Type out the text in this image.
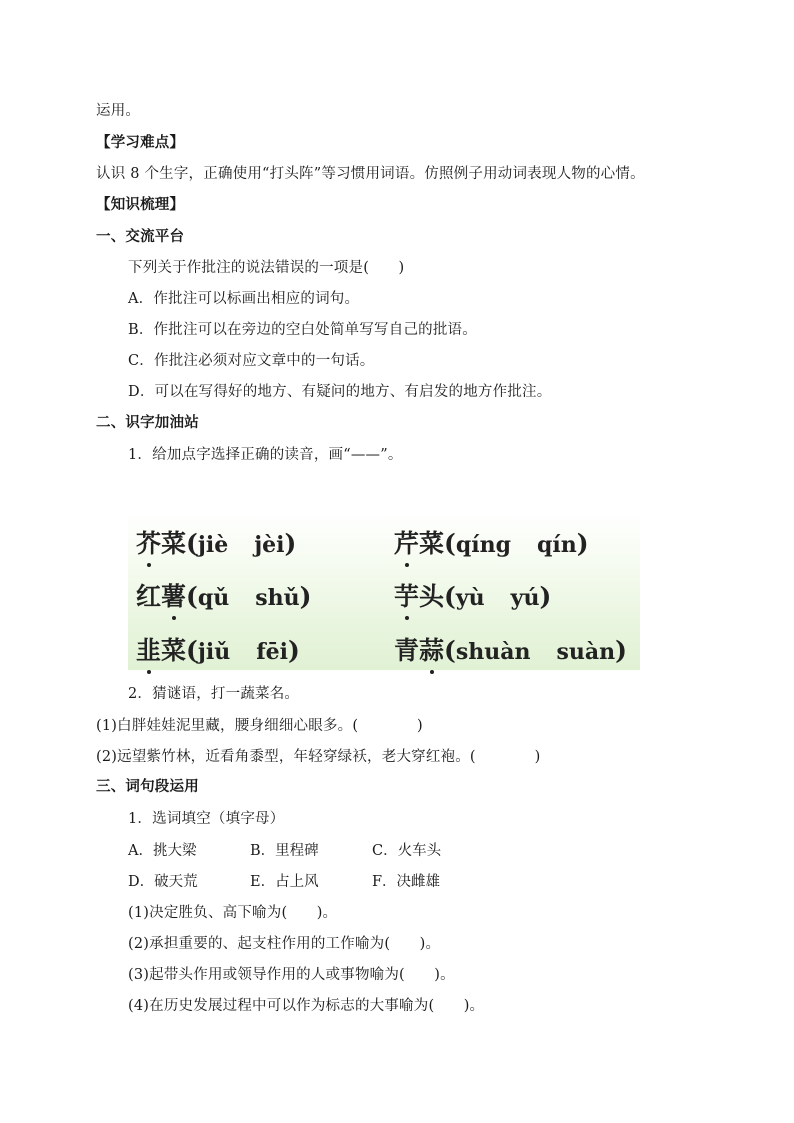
运用。
【学习难点】
认识 8 个生字，正确使用“打头阵”等习惯用词语。仿照例子用动词表现人物的心情。
【知识梳理】
一、交流平台
下列关于作批注的说法错误的一项是(　　)
A．作批注可以标画出相应的词句。
B．作批注可以在旁边的空白处简单写写自己的批语。
C．作批注必须对应文章中的一句话。
D．可以在写得好的地方、有疑问的地方、有启发的地方作批注。
二、识字加油站
1．给加点字选择正确的读音，画“——”。
芥菜(jiè jèi)	芹菜(qíng qín)
红薯(qǔ shǔ)	芋头(yù yú)
韭菜(jiǔ fēi)	青蒜(shuàn suàn)
2．猜谜语，打一蔬菜名。
(1)白胖娃娃泥里藏，腰身细细心眼多。(　　　　)
(2)远望紫竹林，近看角黍型，年轻穿绿袄，老大穿红袍。(　　　　)
三、词句段运用
1．选词填空（填字母）
A．挑大梁	B．里程碑	C．火车头
D．破天荒	E．占上风	F．决雌雄
(1)决定胜负、高下喻为(　　)。
(2)承担重要的、起支柱作用的工作喻为(　　)。
(3)起带头作用或领导作用的人或事物喻为(　　)。
(4)在历史发展过程中可以作为标志的大事喻为(　　)。
